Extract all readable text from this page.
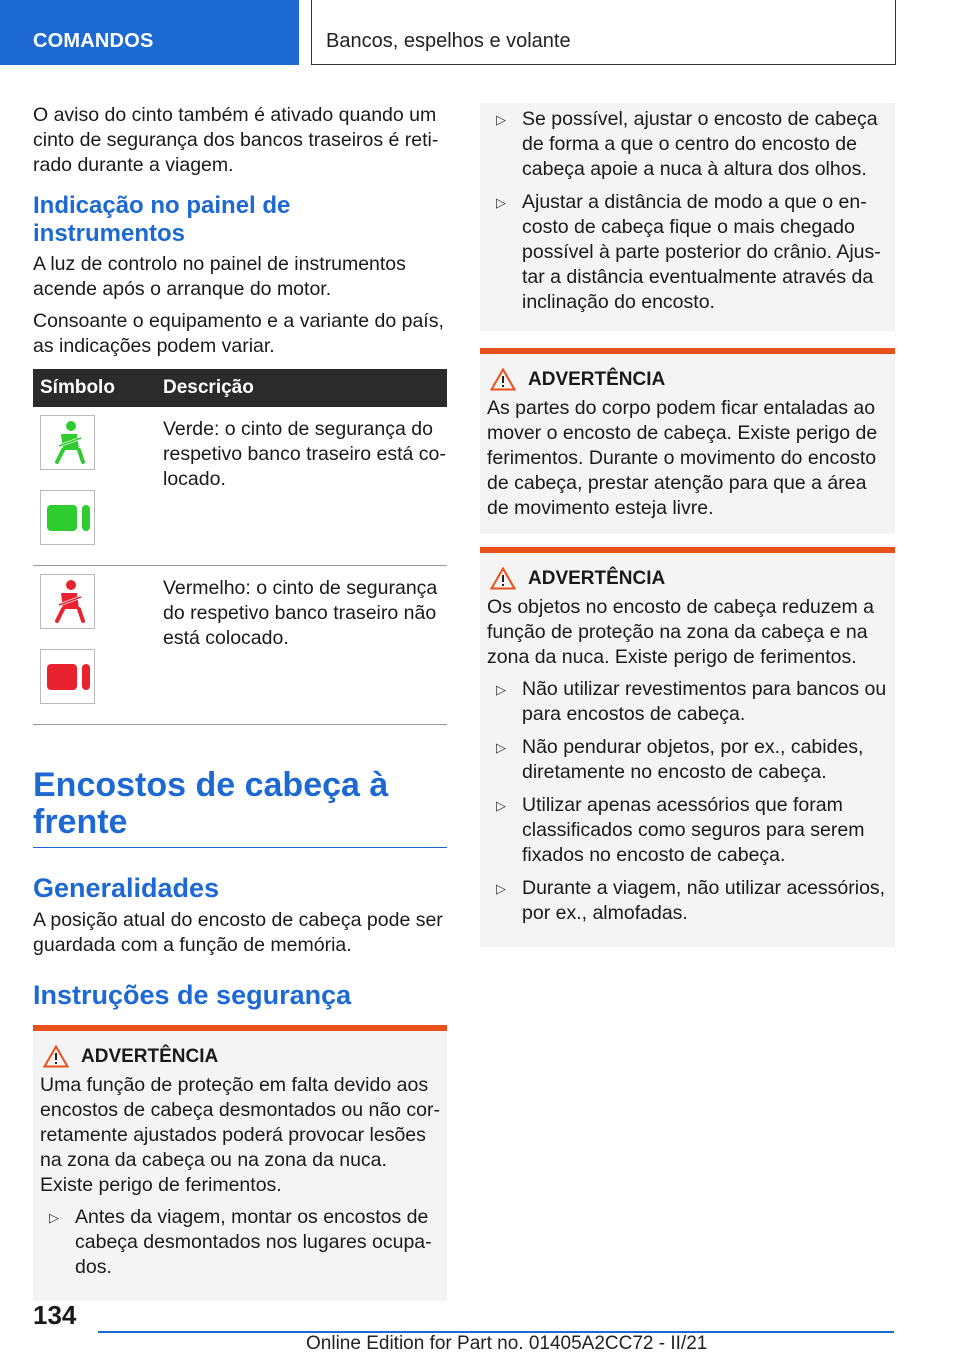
COMANDOS	Bancos, espelhos e volante

O aviso do cinto também é ativado quando um cinto de segurança dos bancos traseiros é retirado durante a viagem.

Indicação no painel de instrumentos

A luz de controlo no painel de instrumentos acende após o arranque do motor.

Consoante o equipamento e a variante do país, as indicações podem variar.

Símbolo	Descrição

	Verde: o cinto de segurança do respetivo banco traseiro está colocado.

	Vermelho: o cinto de segurança do respetivo banco traseiro não está colocado.
Encostos de cabeça à frente
Generalidades

A posição atual do encosto de cabeça pode ser guardada com a função de memória.

Instruções de segurança
ADVERTÊNCIA

Uma função de proteção em falta devido aos encostos de cabeça desmontados ou não corretamente ajustados poderá provocar lesões na zona da cabeça ou na zona da nuca. Existe perigo de ferimentos.

▷ Antes da viagem, montar os encostos de cabeça desmontados nos lugares ocupados.
▷ Se possível, ajustar o encosto de cabeça de forma a que o centro do encosto de cabeça apoie a nuca à altura dos olhos.
▷ Ajustar a distância de modo a que o encosto de cabeça fique o mais chegado possível à parte posterior do crânio. Ajustar a distância eventualmente através da inclinação do encosto.
ADVERTÊNCIA

As partes do corpo podem ficar entaladas ao mover o encosto de cabeça. Existe perigo de ferimentos. Durante o movimento do encosto de cabeça, prestar atenção para que a área de movimento esteja livre.

ADVERTÊNCIA

Os objetos no encosto de cabeça reduzem a função de proteção na zona da cabeça e na zona da nuca. Existe perigo de ferimentos.

▷ Não utilizar revestimentos para bancos ou para encostos de cabeça.
▷ Não pendurar objetos, por ex., cabides, diretamente no encosto de cabeça.
▷ Utilizar apenas acessórios que foram classificados como seguros para serem fixados no encosto de cabeça.
▷ Durante a viagem, não utilizar acessórios, por ex., almofadas.
134
Online Edition for Part no. 01405A2CC72 - II/21
